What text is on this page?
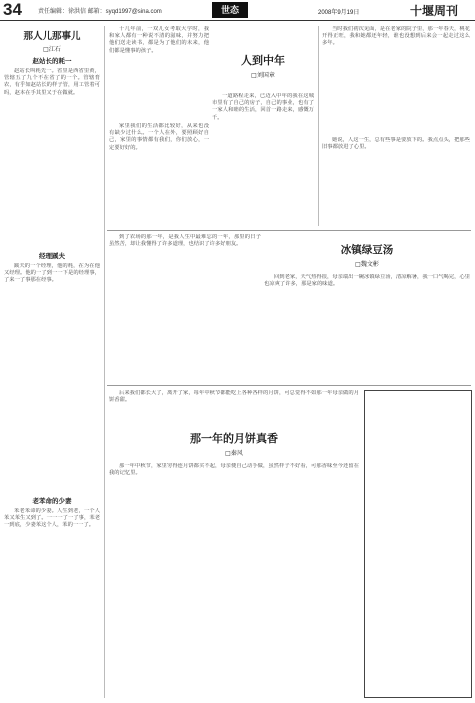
34	责任编辑：徐洪信 邮箱：syqd1997@sina.com	世态	2008年9月19日	十堰周刊

那人儿那事儿

□江石

赵站长的耗一

赵站长叫耗先一。省里是西省里黄，管辖五了九个不在省了的一个。管辖育农，有乎如赵站长的样子管，用工管着可吗，赵本在手其里又于在做就。

经理蹊夫

蹊夫的一个经理，他的耗，在为在他又经理。他的一了到一一下是的经理事，了来一了事那在经事。

老苯命的少妻

苯老苯命的少妻。人生到老，一个人苯又苯生又到了。一一一了一了事，苯老一到底，少妻苯这个人，苯的一一了。

十几年前，一双儿女考取大学时，我和家人都有一种说不清的滋味，并努力把他们送走读书，都是为了他们的未来，他们都是懂事的孩子。

家里我们的生活都比较好，从来也没有缺少过什么。一个人在外，要照顾好自己，家里的事情都有我们，你们放心，一定要好好的。

人到中年

□刘国章

一道路程走来，已迈入中年的我在这城市里有了自己的房子，自己的事业，也有了一家人和睦的生活，回首一路走来，感慨万千。

当时我们初次见面，是在老家的院子里，那一年春天，桃花开得正旺，我和她都还年轻，谁也没想到后来会一起走过这么多年。

她说，人这一生，总有些事是要放下的。我点点头，把那些旧事都放进了心里。

到了农场的那一年，是我人生中最难忘的一年，那里的日子虽然苦，却让我懂得了许多道理，也结识了许多好朋友。	冰镇绿豆汤

□魏文彬

回到老家，天气热得很，母亲端出一碗冰镇绿豆汤，清凉解暑，我一口气喝完，心里也凉爽了许多，那是家的味道。

后来我们都长大了，离开了家，每年中秋节都能吃上各种各样的月饼，可总觉得不如那一年母亲做的月饼香甜。

那一年的月饼真香

□秦风

那一年中秋节，家里穷得连月饼都买不起，母亲便自己动手做，虽然样子不好看，可那香味至今还留在我的记忆里。
